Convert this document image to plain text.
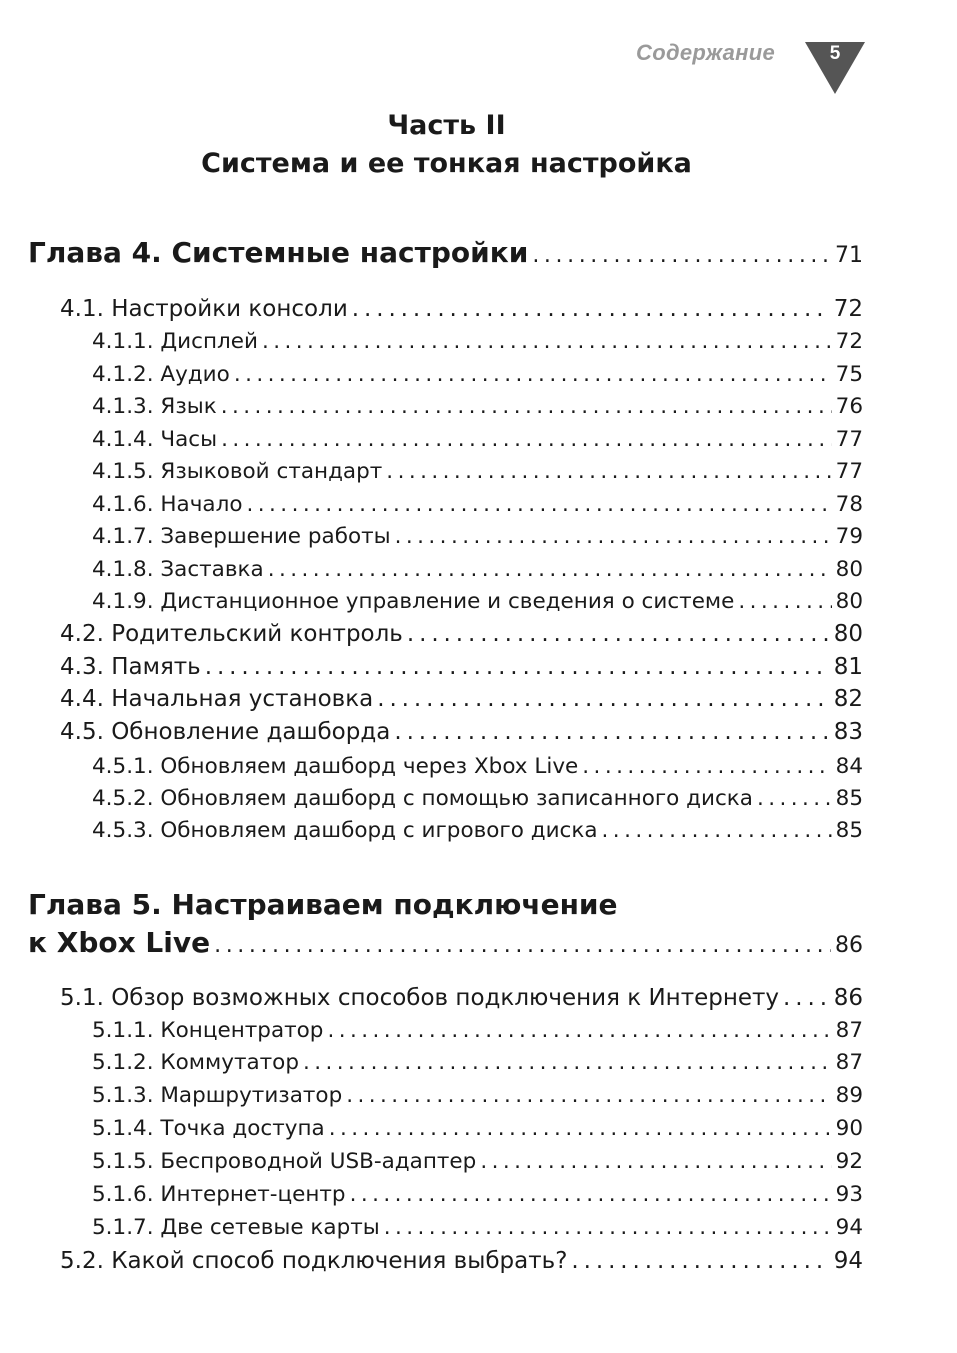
Содержание	5
Часть II
Система и ее тонкая настройка
Глава 4. Системные настройки . . .	71
4.1. Настройки консоли . . .	72
4.1.1. Дисплей . . .	72
4.1.2. Аудио . . .	75
4.1.3. Язык . . .	76
4.1.4. Часы . . .	77
4.1.5. Языковой стандарт . . .	77
4.1.6. Начало . . .	78
4.1.7. Завершение работы . . .	79
4.1.8. Заставка . . .	80
4.1.9. Дистанционное управление и сведения о системе . . .	80
4.2. Родительский контроль . . .	80
4.3. Память . . .	81
4.4. Начальная установка . . .	82
4.5. Обновление дашборда . . .	83
4.5.1. Обновляем дашборд через Xbox Live . . .	84
4.5.2. Обновляем дашборд с помощью записанного диска . . .	85
4.5.3. Обновляем дашборд с игрового диска . . .	85
Глава 5. Настраиваем подключение
к Xbox Live . . .	86
5.1. Обзор возможных способов подключения к Интернету . . . 86
5.1.1. Концентратор . . .	87
5.1.2. Коммутатор . . .	87
5.1.3. Маршрутизатор . . .	89
5.1.4. Точка доступа . . .	90
5.1.5. Беспроводной USB-адаптер . . .	92
5.1.6. Интернет-центр . . .	93
5.1.7. Две сетевые карты . . .	94
5.2. Какой способ подключения выбрать? . . .	94
